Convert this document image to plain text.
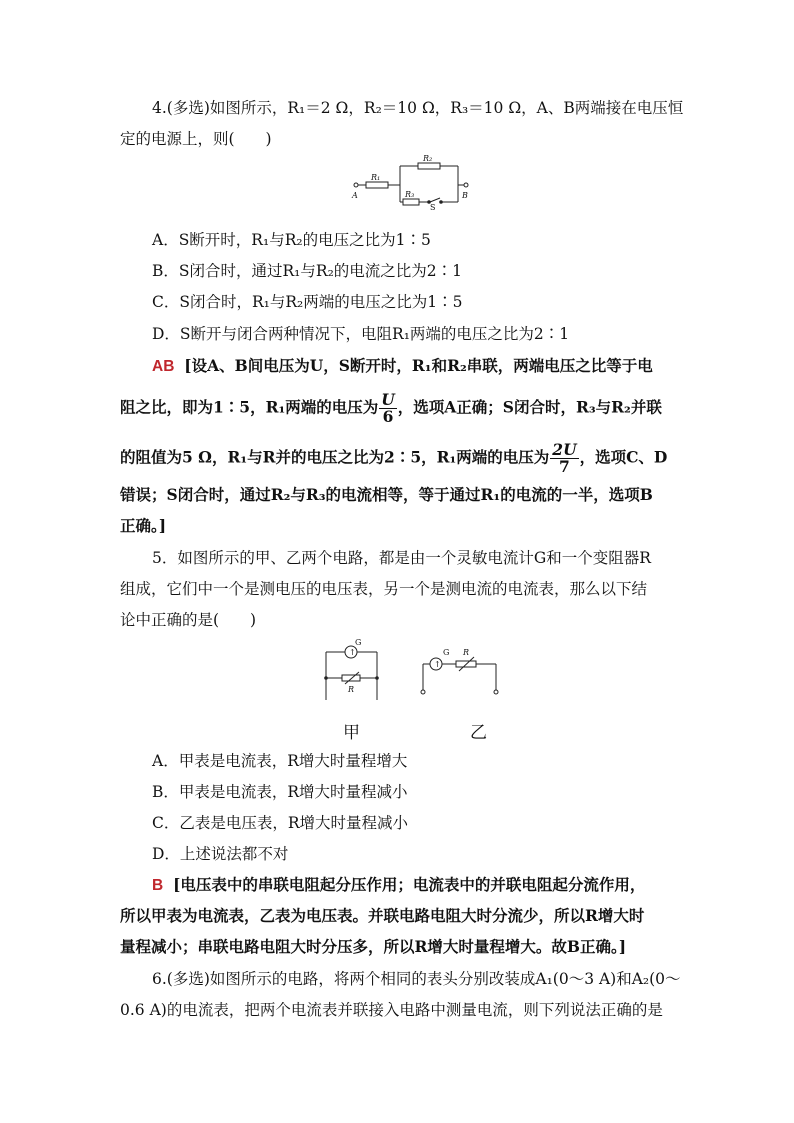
4.(多选)如图所示，R₁＝2 Ω，R₂＝10 Ω，R₃＝10 Ω，A、B两端接在电压恒
定的电源上，则(　　)
A	B
R₁
R₂
R₃
S
A．S断开时，R₁与R₂的电压之比为1∶5
B．S闭合时，通过R₁与R₂的电流之比为2∶1
C．S闭合时，R₁与R₂两端的电压之比为1∶5
D．S断开与闭合两种情况下，电阻R₁两端的电压之比为2∶1
AB [设A、B间电压为U，S断开时，R₁和R₂串联，两端电压之比等于电
阻之比，即为1∶5，R₁两端的电压为 $\frac{U}{6}$ ，选项A正确；S闭合时，R₃与R₂并联
的阻值为5 Ω，R₁与R并的电压之比为2∶5，R₁两端的电压为 $\frac{2U}{7}$ ，选项C、D
错误；S闭合时，通过R₂与R₃的电流相等，等于通过R₁的电流的一半，选项B
正确。]
5．如图所示的甲、乙两个电路，都是由一个灵敏电流计G和一个变阻器R
组成，它们中一个是测电压的电压表，另一个是测电流的电流表，那么以下结
论中正确的是(　　)
G
↑
R
G
↑
R
甲	乙
A．甲表是电流表，R增大时量程增大
B．甲表是电流表，R增大时量程减小
C．乙表是电压表，R增大时量程减小
D．上述说法都不对
B [电压表中的串联电阻起分压作用；电流表中的并联电阻起分流作用，
所以甲表为电流表，乙表为电压表。并联电路电阻大时分流少，所以R增大时
量程减小；串联电路电阻大时分压多，所以R增大时量程增大。故B正确。]
6.(多选)如图所示的电路，将两个相同的表头分别改装成A₁(0～3 A)和A₂(0～
0.6 A)的电流表，把两个电流表并联接入电路中测量电流，则下列说法正确的是
